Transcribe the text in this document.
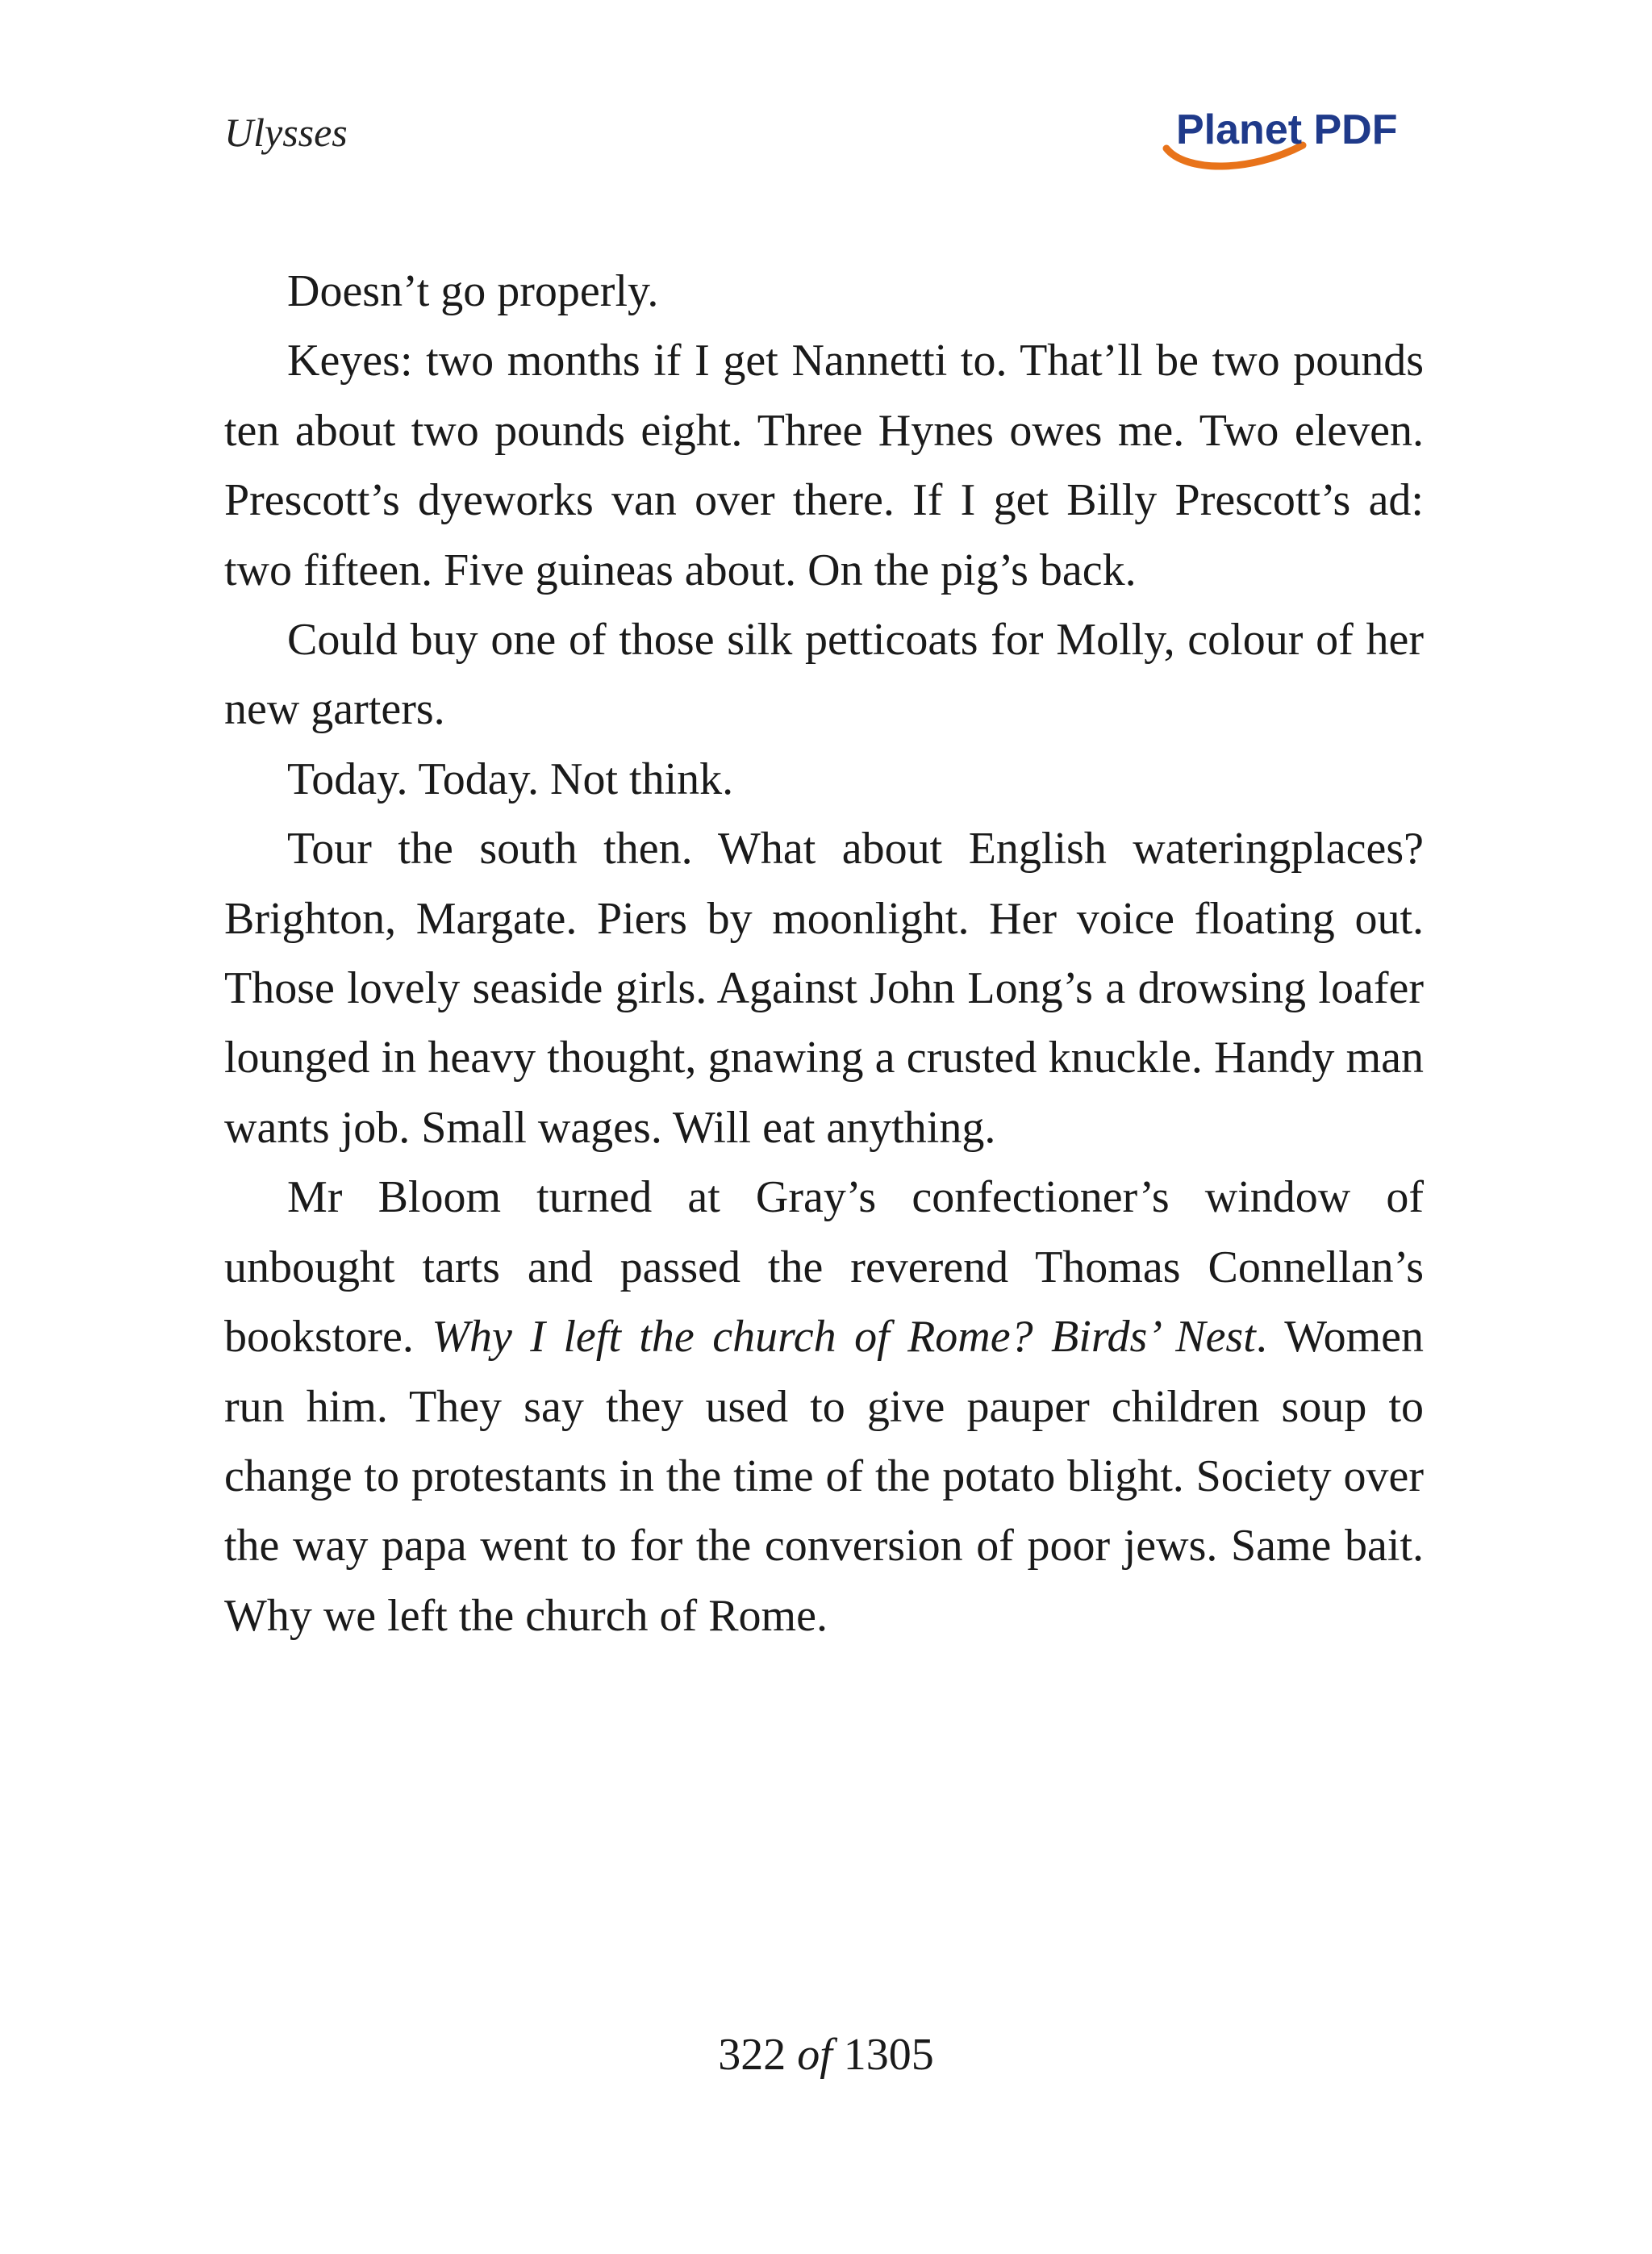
Ulysses	Planet PDF

Doesn’t go properly.

Keyes: two months if I get Nannetti to. That’ll be two pounds ten about two pounds eight. Three Hynes owes me. Two eleven. Prescott’s dyeworks van over there. If I get Billy Prescott’s ad: two fifteen. Five guineas about. On the pig’s back.

Could buy one of those silk petticoats for Molly, colour of her new garters.

Today. Today. Not think.

Tour the south then. What about English wateringplaces? Brighton, Margate. Piers by moonlight. Her voice floating out. Those lovely seaside girls. Against John Long’s a drowsing loafer lounged in heavy thought, gnawing a crusted knuckle. Handy man wants job. Small wages. Will eat anything.

Mr Bloom turned at Gray’s confectioner’s window of unbought tarts and passed the reverend Thomas Connellan’s bookstore. Why I left the church of Rome? Birds’ Nest. Women run him. They say they used to give pauper children soup to change to protestants in the time of the potato blight. Society over the way papa went to for the conversion of poor jews. Same bait. Why we left the church of Rome.

322 of 1305
